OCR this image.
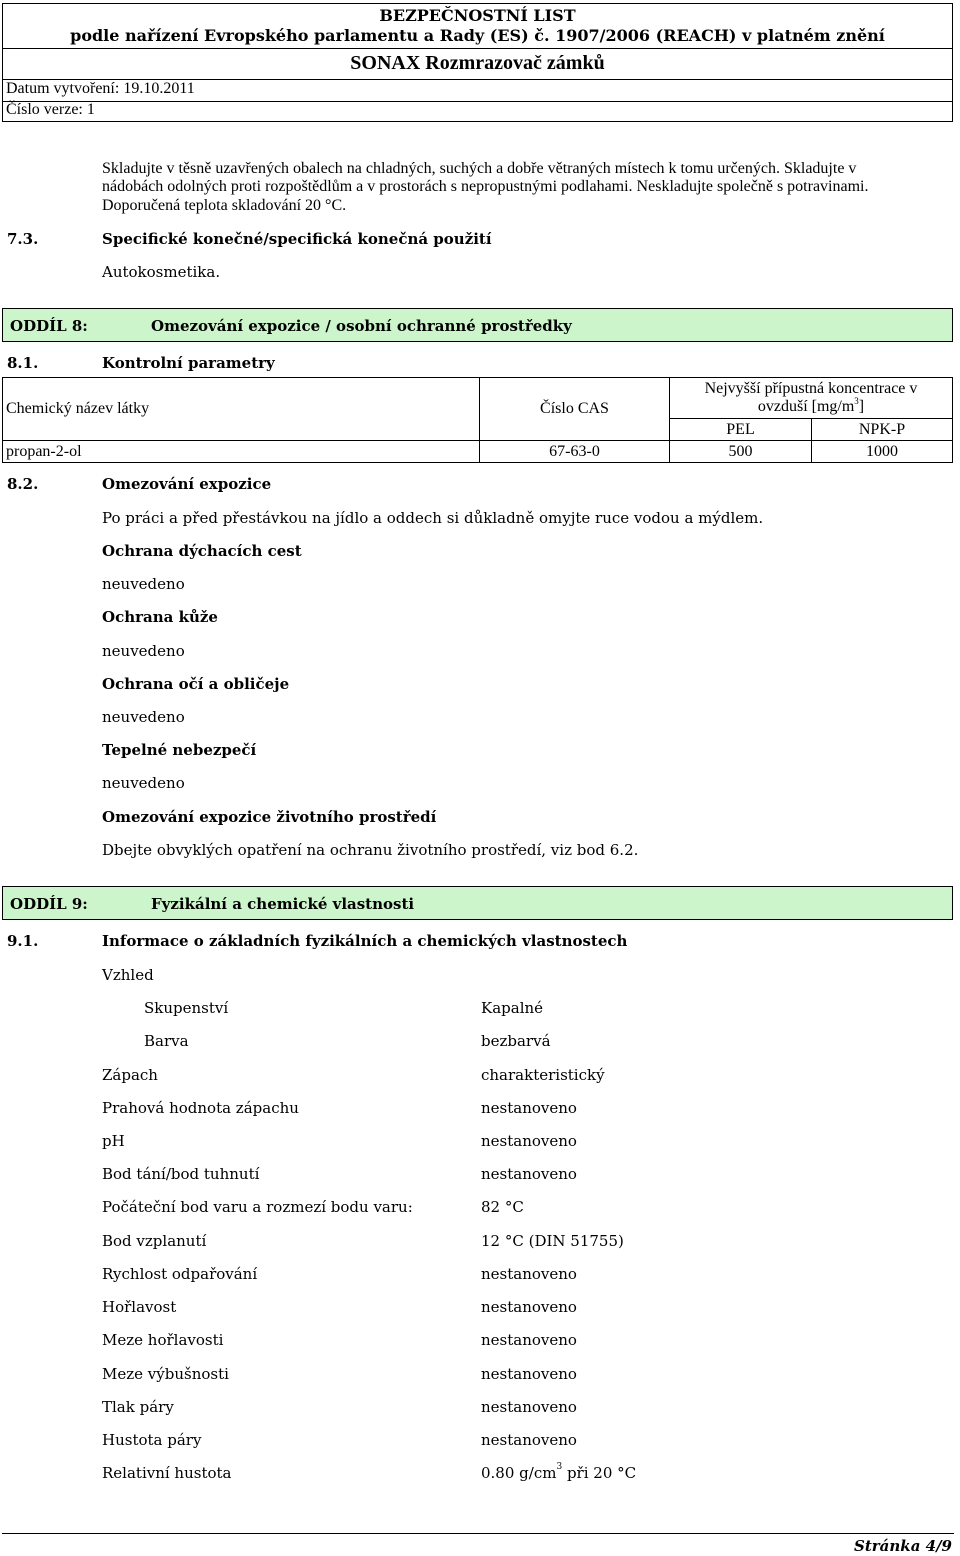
BEZPEČNOSTNÍ LIST
podle nařízení Evropského parlamentu a Rady (ES) č. 1907/2006 (REACH) v platném znění
SONAX Rozmrazovač zámků
Datum vytvoření: 19.10.2011
Číslo verze: 1
Skladujte v těsně uzavřených obalech na chladných, suchých a dobře větraných místech k tomu určených. Skladujte v
nádobách odolných proti rozpoštědlům a v prostorách s nepropustnými podlahami. Neskladujte společně s potravinami.
Doporučená teplota skladování 20 °C.
7.3.	Specifické konečné/specifická konečná použití
Autokosmetika.
ODDÍL 8:	Omezování expozice / osobní ochranné prostředky
8.1.	Kontrolní parametry
Chemický název látky	Číslo CAS
Nejvyšší přípustná koncentrace v
ovzduší $[mg/m^3]$
PEL	NPK-P
propan-2-ol	67-63-0	500	1000
8.2.	Omezování expozice
Po práci a před přestávkou na jídlo a oddech si důkladně omyjte ruce vodou a mýdlem.
Ochrana dýchacích cest
neuvedeno
Ochrana kůže
neuvedeno
Ochrana očí a obličeje
neuvedeno
Tepelné nebezpečí
neuvedeno
Omezování expozice životního prostředí
Dbejte obvyklých opatření na ochranu životního prostředí, viz bod 6.2.
ODDÍL 9:	Fyzikální a chemické vlastnosti
9.1.	Informace o základních fyzikálních a chemických vlastnostech
Vzhled
Skupenství	Kapalné
Barva	bezbarvá
Zápach	charakteristický
Prahová hodnota zápachu	nestanoveno
pH	nestanoveno
Bod tání/bod tuhnutí	nestanoveno
Počáteční bod varu a rozmezí bodu varu:	82 °C
Bod vzplanutí	12 °C (DIN 51755)
Rychlost odpařování	nestanoveno
Hořlavost	nestanoveno
Meze hořlavosti	nestanoveno
Meze výbušnosti	nestanoveno
Tlak páry	nestanoveno
Hustota páry	nestanoveno
Relativní hustota	0.80 $g/cm^3$ při 20 °C
Stránka 4/9
